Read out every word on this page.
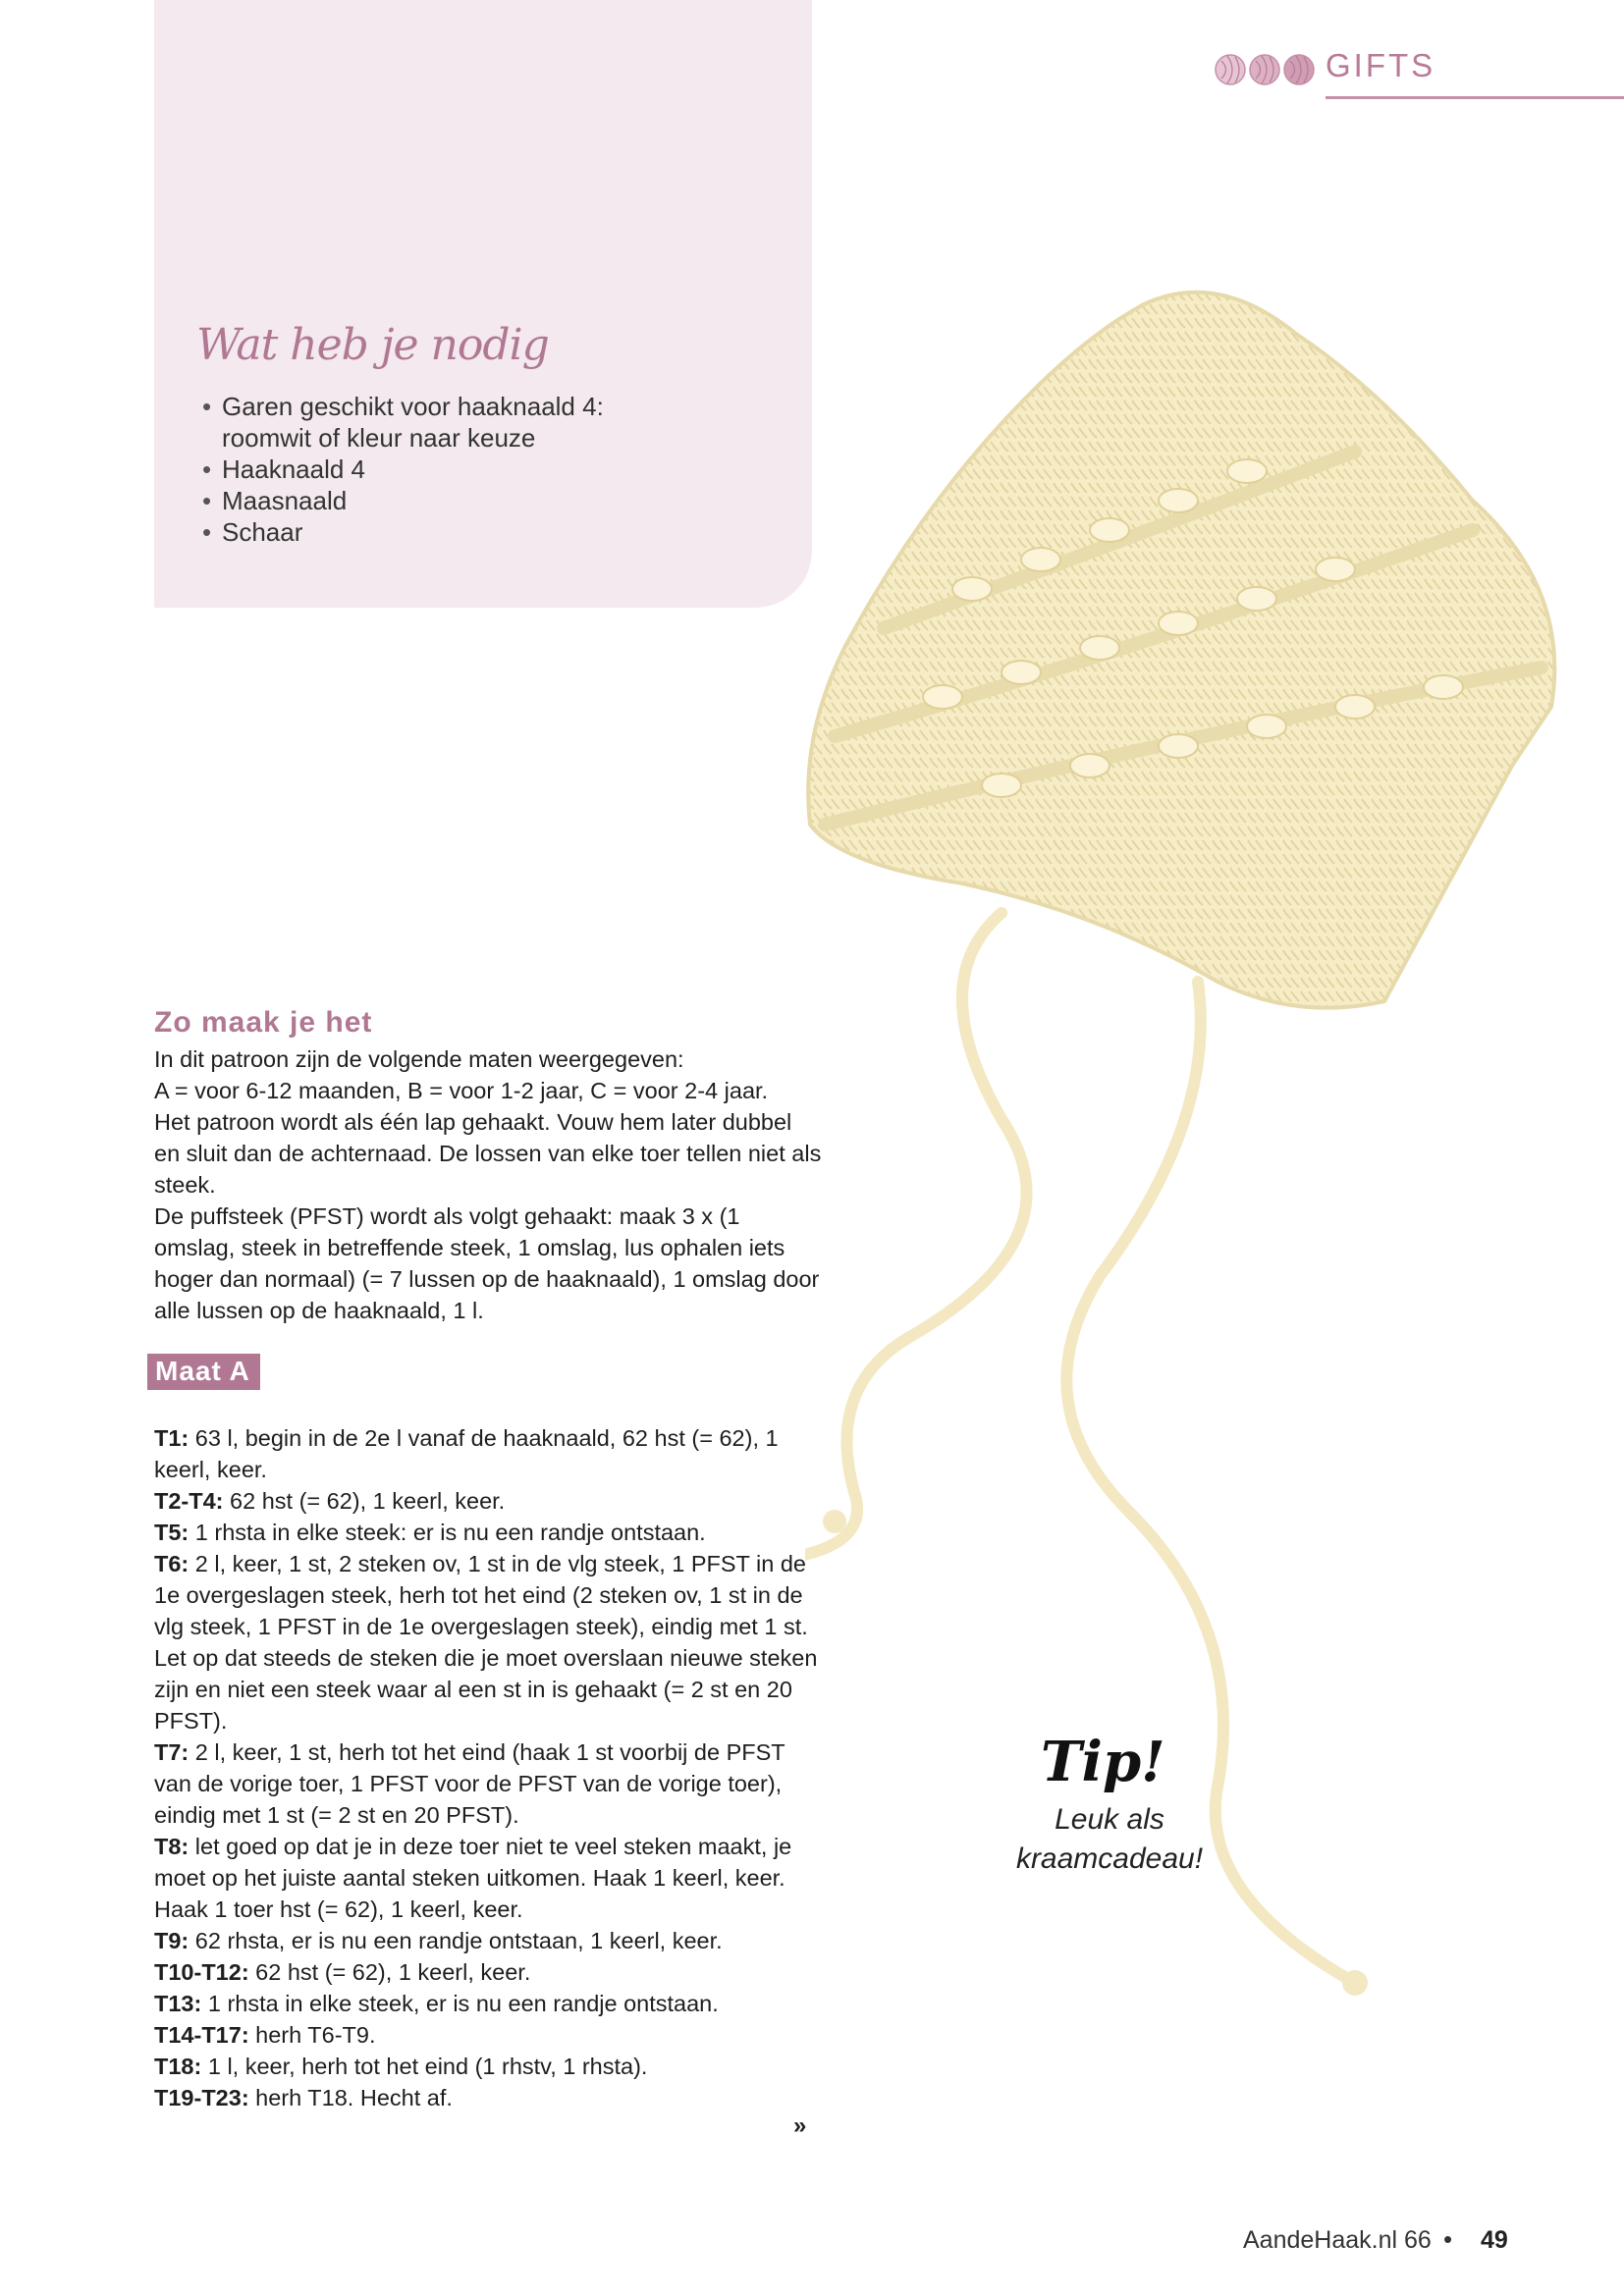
GIFTS
Wat heb je nodig
• Garen geschikt voor haaknaald 4: roomwit of kleur naar keuze
• Haaknaald 4
• Maasnaald
• Schaar
Zo maak je het

In dit patroon zijn de volgende maten weergegeven:

A = voor 6-12 maanden, B = voor 1-2 jaar, C = voor 2-4 jaar.

Het patroon wordt als één lap gehaakt. Vouw hem later dubbel en sluit dan de achternaad. De lossen van elke toer tellen niet als steek.

De puffsteek (PFST) wordt als volgt gehaakt: maak 3 x (1 omslag, steek in betreffende steek, 1 omslag, lus ophalen iets hoger dan normaal) (= 7 lussen op de haaknaald), 1 omslag door alle lussen op de haaknaald, 1 l.

Maat A

T1: 63 l, begin in de 2e l vanaf de haaknaald, 62 hst (= 62), 1 keerl, keer.

T2-T4: 62 hst (= 62), 1 keerl, keer.

T5: 1 rhsta in elke steek: er is nu een randje ontstaan.

T6: 2 l, keer, 1 st, 2 steken ov, 1 st in de vlg steek, 1 PFST in de 1e overgeslagen steek, herh tot het eind (2 steken ov, 1 st in de vlg steek, 1 PFST in de 1e overgeslagen steek), eindig met 1 st. Let op dat steeds de steken die je moet overslaan nieuwe steken zijn en niet een steek waar al een st in is gehaakt (= 2 st en 20 PFST).

T7: 2 l, keer, 1 st, herh tot het eind (haak 1 st voorbij de PFST van de vorige toer, 1 PFST voor de PFST van de vorige toer), eindig met 1 st (= 2 st en 20 PFST).

T8: let goed op dat je in deze toer niet te veel steken maakt, je moet op het juiste aantal steken uitkomen. Haak 1 keerl, keer.

Haak 1 toer hst (= 62), 1 keerl, keer.

T9: 62 rhsta, er is nu een randje ontstaan, 1 keerl, keer.

T10-T12: 62 hst (= 62), 1 keerl, keer.

T13: 1 rhsta in elke steek, er is nu een randje ontstaan.

T14-T17: herh T6-T9.

T18: 1 l, keer, herh tot het eind (1 rhstv, 1 rhsta).

T19-T23: herh T18. Hecht af.

»
Tip!
Leuk als kraamcadeau!
AandeHaak.nl 66 • 49
